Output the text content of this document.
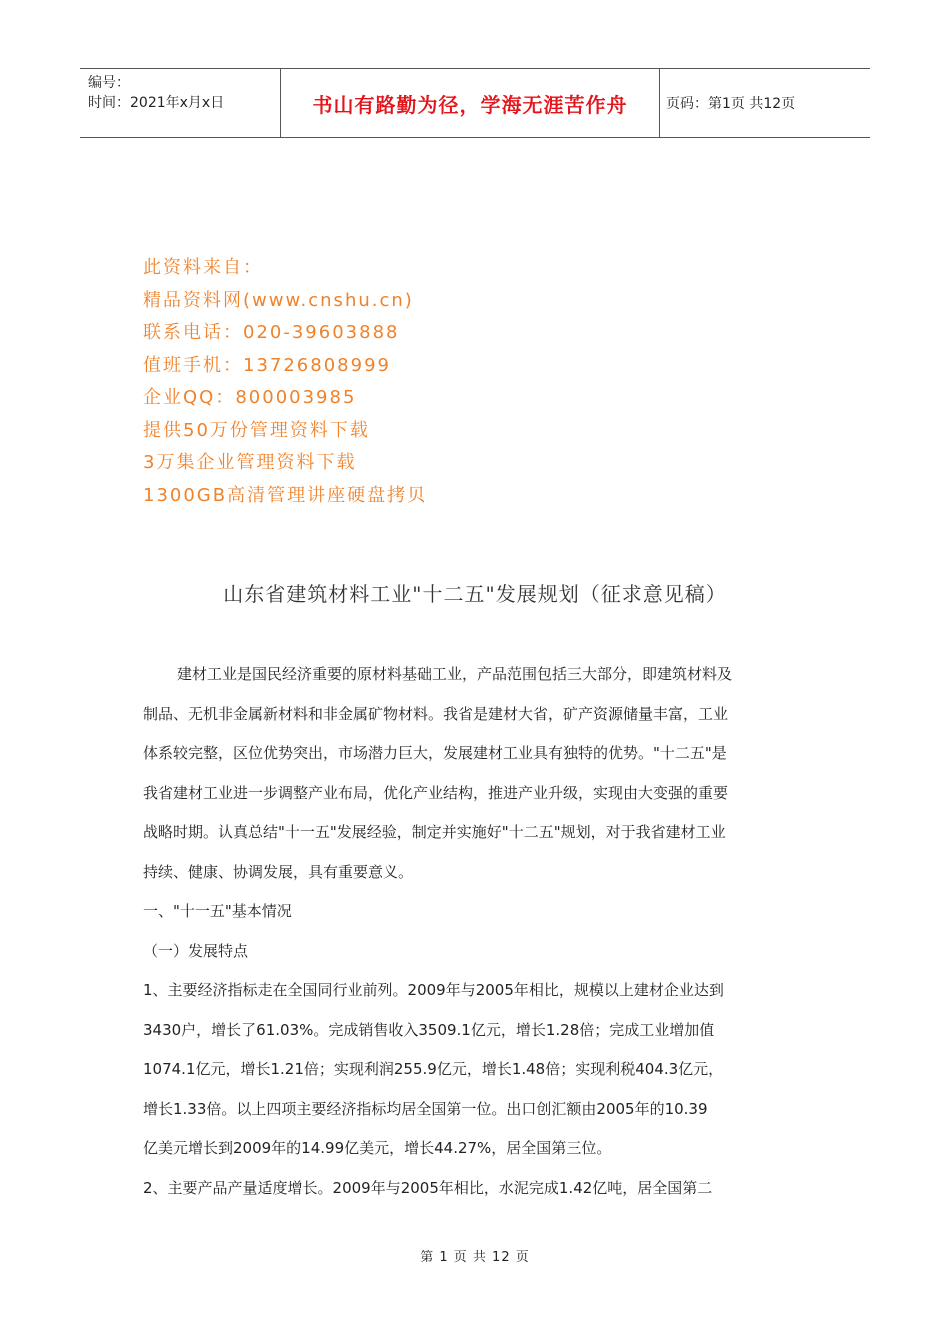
编号：
时间：2021年x月x日	书山有路勤为径，学海无涯苦作舟	页码：第1页 共12页
此资料来自：
精品资料网(www.cnshu.cn)
联系电话：020-39603888
值班手机：13726808999
企业QQ：800003985
提供50万份管理资料下载
3万集企业管理资料下载
1300GB高清管理讲座硬盘拷贝
山东省建筑材料工业"十二五"发展规划（征求意见稿）

建材工业是国民经济重要的原材料基础工业，产品范围包括三大部分，即建筑材料及

制品、无机非金属新材料和非金属矿物材料。我省是建材大省，矿产资源储量丰富，工业

体系较完整，区位优势突出，市场潜力巨大，发展建材工业具有独特的优势。"十二五"是

我省建材工业进一步调整产业布局，优化产业结构，推进产业升级，实现由大变强的重要

战略时期。认真总结"十一五"发展经验，制定并实施好"十二五"规划，对于我省建材工业

持续、健康、协调发展，具有重要意义。

一、"十一五"基本情况

（一）发展特点

1、主要经济指标走在全国同行业前列。2009年与2005年相比，规模以上建材企业达到

3430户，增长了61.03%。完成销售收入3509.1亿元，增长1.28倍；完成工业增加值

1074.1亿元，增长1.21倍；实现利润255.9亿元，增长1.48倍；实现利税404.3亿元，

增长1.33倍。以上四项主要经济指标均居全国第一位。出口创汇额由2005年的10.39

亿美元增长到2009年的14.99亿美元，增长44.27%，居全国第三位。

2、主要产品产量适度增长。2009年与2005年相比，水泥完成1.42亿吨，居全国第二

第 1 页 共 12 页
